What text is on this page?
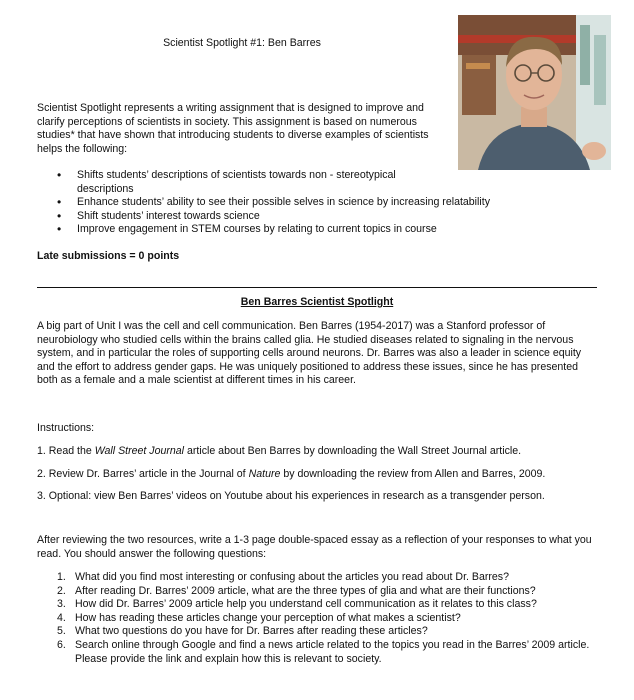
Scientist Spotlight #1: Ben Barres
Scientist Spotlight represents a writing assignment that is designed to improve and clarify perceptions of scientists in society. This assignment is based on numerous studies* that have shown that introducing students to diverse examples of scientists helps the following:
• Shifts students’ descriptions of scientists towards non - stereotypical descriptions
• Enhance students’ ability to see their possible selves in science by increasing relatability
• Shift students’ interest towards science
• Improve engagement in STEM courses by relating to current topics in course
Late submissions = 0 points
Ben Barres Scientist Spotlight
A big part of Unit I was the cell and cell communication. Ben Barres (1954-2017) was a Stanford professor of neurobiology who studied cells within the brains called glia. He studied diseases related to signaling in the nervous system, and in particular the roles of supporting cells around neurons. Dr. Barres was also a leader in science equity and the effort to address gender gaps. He was uniquely positioned to address these issues, since he has presented both as a female and a male scientist at different times in his career.
Instructions:
1. Read the Wall Street Journal article about Ben Barres by downloading the Wall Street Journal article.
2. Review Dr. Barres’ article in the Journal of Nature by downloading the review from Allen and Barres, 2009.
3. Optional: view Ben Barres’ videos on Youtube about his experiences in research as a transgender person.
After reviewing the two resources, write a 1-3 page double-spaced essay as a reflection of your responses to what you read. You should answer the following questions:
1. What did you find most interesting or confusing about the articles you read about Dr. Barres?
2. After reading Dr. Barres’ 2009 article, what are the three types of glia and what are their functions?
3. How did Dr. Barres’ 2009 article help you understand cell communication as it relates to this class?
4. How has reading these articles change your perception of what makes a scientist?
5. What two questions do you have for Dr. Barres after reading these articles?
6. Search online through Google and find a news article related to the topics you read in the Barres’ 2009 article. Please provide the link and explain how this is relevant to society.
